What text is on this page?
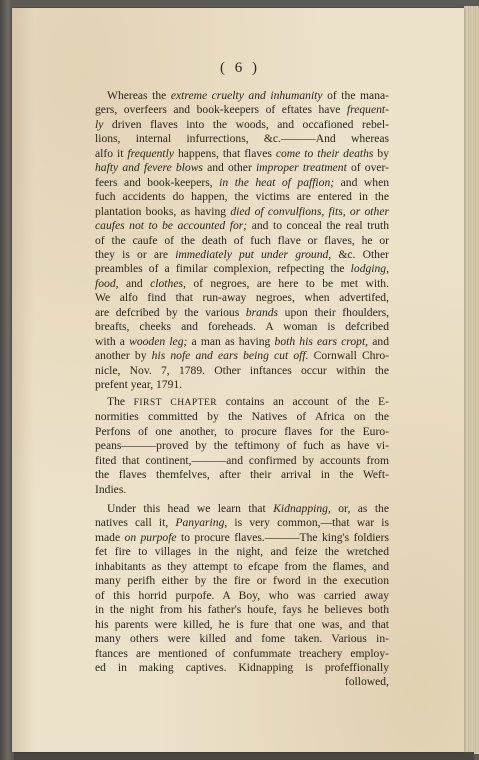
( 6 )
Whereas the extreme cruelty and inhumanity of the mana-
gers, overfeers and book-keepers of eftates have frequent-
ly driven flaves into the woods, and occafioned rebel-
lions, internal infurrections, &c.———And whereas
alfo it frequently happens, that flaves come to their deaths by
hafty and fevere blows and other improper treatment of over-
feers and book-keepers, in the heat of paffion; and when
fuch accidents do happen, the victims are entered in the
plantation books, as having died of convulfions, fits, or other
caufes not to be accounted for; and to conceal the real truth
of the caufe of the death of fuch flave or flaves, he or
they is or are immediately put under ground, &c. Other
preambles of a fimilar complexion, refpecting the lodging,
food, and clothes, of negroes, are here to be met with.
We alfo find that run-away negroes, when advertifed,
are defcribed by the various brands upon their fhoulders,
breafts, cheeks and foreheads. A woman is defcribed
with a wooden leg; a man as having both his ears cropt, and
another by his nofe and ears being cut off. Cornwall Chro-
nicle, Nov. 7, 1789. Other inftances occur within the
prefent year, 1791.
The FIRST CHAPTER contains an account of the E-
normities committed by the Natives of Africa on the
Perfons of one another, to procure flaves for the Euro-
peans———proved by the teftimony of fuch as have vi-
fited that continent,———and confirmed by accounts from
the flaves themfelves, after their arrival in the Weft-
Indies.
Under this head we learn that Kidnapping, or, as the
natives call it, Panyaring, is very common,—that war is
made on purpofe to procure flaves.———The king's foldiers
fet fire to villages in the night, and feize the wretched
inhabitants as they attempt to efcape from the flames, and
many perifh either by the fire or fword in the execution
of this horrid purpofe. A Boy, who was carried away
in the night from his father's houfe, fays he believes both
his parents were killed, he is fure that one was, and that
many others were killed and fome taken. Various in-
ftances are mentioned of confummate treachery employ-
ed in making captives. Kidnapping is profeffionally
followed,
